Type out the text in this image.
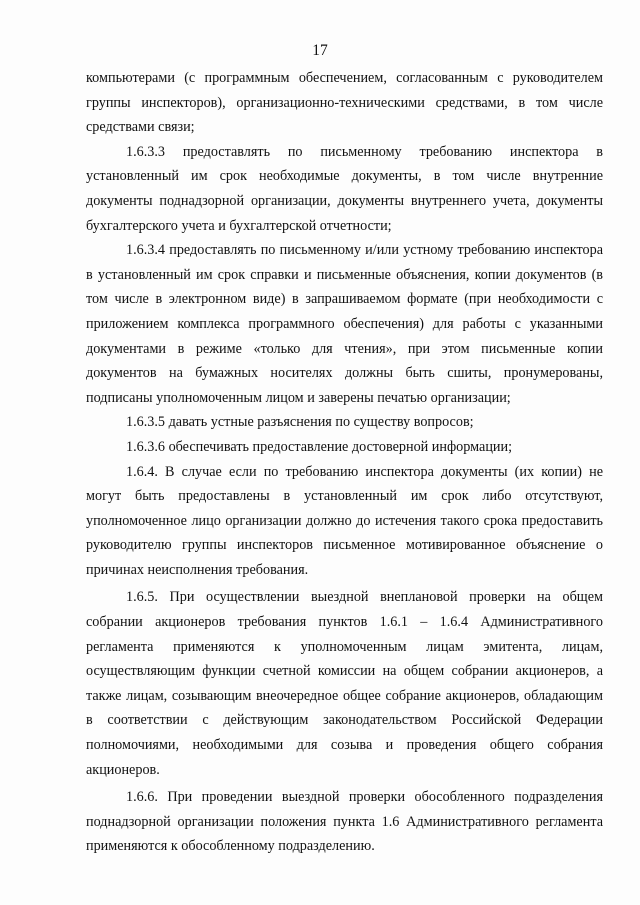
17

компьютерами (с программным обеспечением, согласованным с руководителем группы инспекторов), организационно-техническими средствами, в том числе средствами связи;

1.6.3.3 предоставлять по письменному требованию инспектора в установленный им срок необходимые документы, в том числе внутренние документы поднадзорной организации, документы внутреннего учета, документы бухгалтерского учета и бухгалтерской отчетности;

1.6.3.4 предоставлять по письменному и/или устному требованию инспектора в установленный им срок справки и письменные объяснения, копии документов (в том числе в электронном виде) в запрашиваемом формате (при необходимости с приложением комплекса программного обеспечения) для работы с указанными документами в режиме «только для чтения», при этом письменные копии документов на бумажных носителях должны быть сшиты, пронумерованы, подписаны уполномоченным лицом и заверены печатью организации;

1.6.3.5 давать устные разъяснения по существу вопросов;

1.6.3.6 обеспечивать предоставление достоверной информации;

1.6.4. В случае если по требованию инспектора документы (их копии) не могут быть предоставлены в установленный им срок либо отсутствуют, уполномоченное лицо организации должно до истечения такого срока предоставить руководителю группы инспекторов письменное мотивированное объяснение о причинах неисполнения требования.

1.6.5. При осуществлении выездной внеплановой проверки на общем собрании акционеров требования пунктов 1.6.1 – 1.6.4 Административного регламента применяются к уполномоченным лицам эмитента, лицам, осуществляющим функции счетной комиссии на общем собрании акционеров, а также лицам, созывающим внеочередное общее собрание акционеров, обладающим в соответствии с действующим законодательством Российской Федерации полномочиями, необходимыми для созыва и проведения общего собрания акционеров.

1.6.6. При проведении выездной проверки обособленного подразделения поднадзорной организации положения пункта 1.6 Административного регламента применяются к обособленному подразделению.
